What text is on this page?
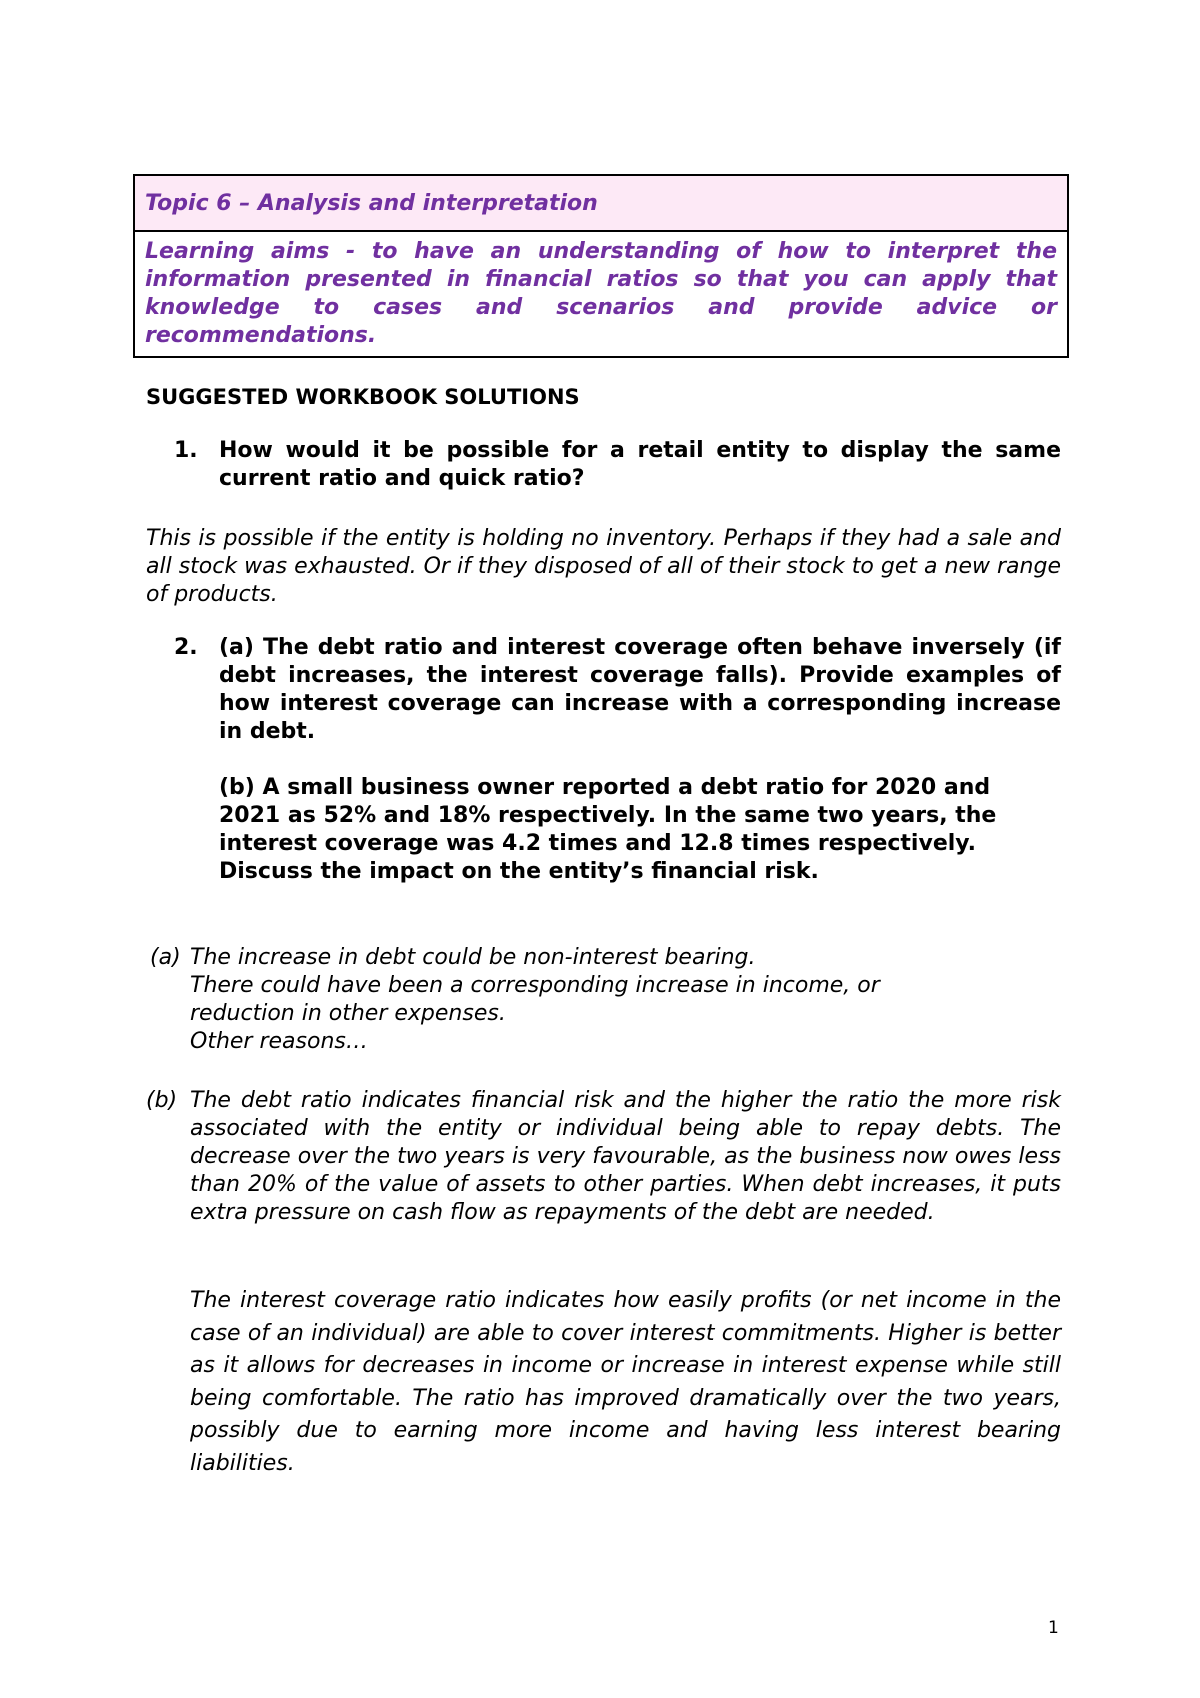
Topic 6 – Analysis and interpretation
Learning aims - to have an understanding of how to interpret the information presented in financial ratios so that you can apply that knowledge to cases and scenarios and provide advice or recommendations.
SUGGESTED WORKBOOK SOLUTIONS
1. How would it be possible for a retail entity to display the same current ratio and quick ratio?

This is possible if the entity is holding no inventory. Perhaps if they had a sale and all stock was exhausted. Or if they disposed of all of their stock to get a new range of products.

2. (a) The debt ratio and interest coverage often behave inversely (if debt increases, the interest coverage falls). Provide examples of how interest coverage can increase with a corresponding increase in debt.

(b) A small business owner reported a debt ratio for 2020 and 2021 as 52% and 18% respectively. In the same two years, the interest coverage was 4.2 times and 12.8 times respectively. Discuss the impact on the entity’s financial risk.

(a) The increase in debt could be non-interest bearing.

There could have been a corresponding increase in income, or reduction in other expenses.

Other reasons…

(b) The debt ratio indicates financial risk and the higher the ratio the more risk associated with the entity or individual being able to repay debts. The decrease over the two years is very favourable, as the business now owes less than 20% of the value of assets to other parties. When debt increases, it puts extra pressure on cash flow as repayments of the debt are needed.

The interest coverage ratio indicates how easily profits (or net income in the case of an individual) are able to cover interest commitments. Higher is better as it allows for decreases in income or increase in interest expense while still being comfortable. The ratio has improved dramatically over the two years, possibly due to earning more income and having less interest bearing liabilities.

1
